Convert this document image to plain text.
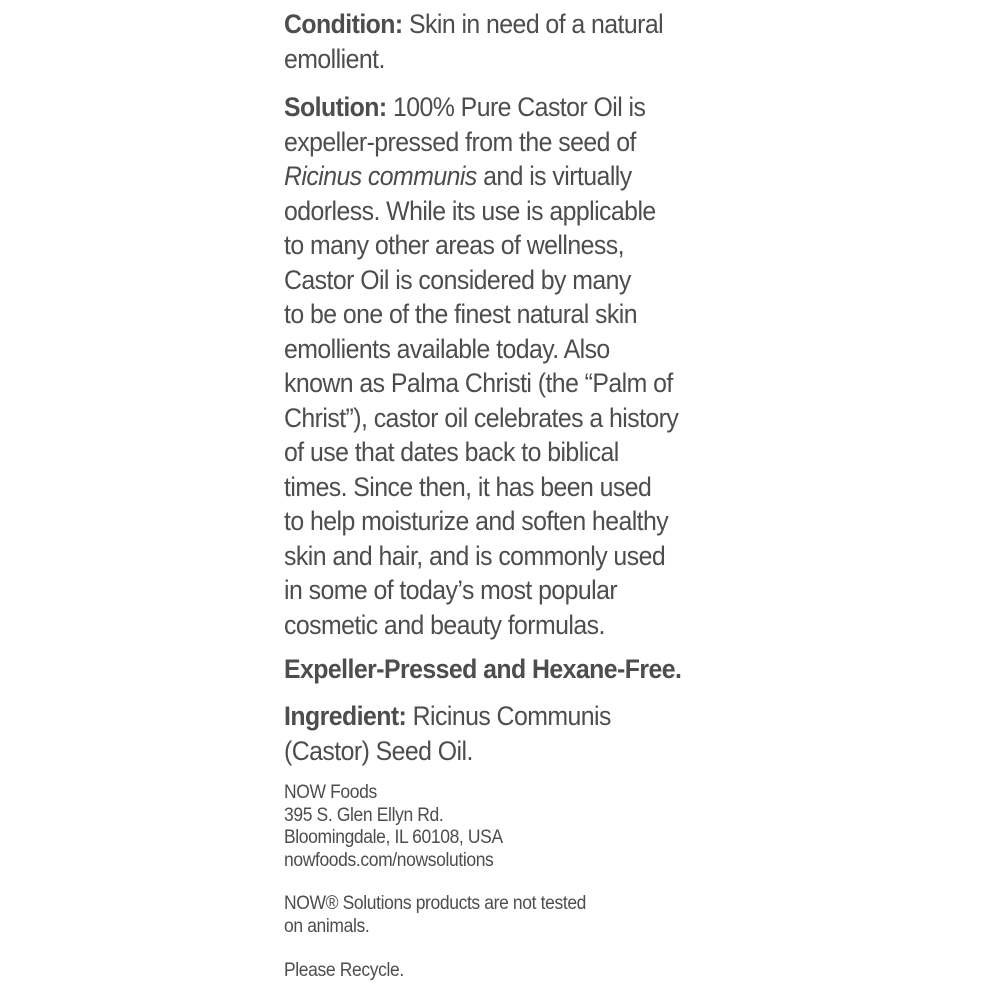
Condition: Skin in need of a natural
emollient.
Solution: 100% Pure Castor Oil is
expeller-pressed from the seed of
Ricinus communis and is virtually
odorless. While its use is applicable
to many other areas of wellness,
Castor Oil is considered by many
to be one of the finest natural skin
emollients available today. Also
known as Palma Christi (the “Palm of
Christ”), castor oil celebrates a history
of use that dates back to biblical
times. Since then, it has been used
to help moisturize and soften healthy
skin and hair, and is commonly used
in some of today’s most popular
cosmetic and beauty formulas.
Expeller-Pressed and Hexane-Free.
Ingredient: Ricinus Communis
(Castor) Seed Oil.
NOW Foods
395 S. Glen Ellyn Rd.
Bloomingdale, IL 60108, USA
nowfoods.com/nowsolutions
NOW® Solutions products are not tested
on animals.
Please Recycle.
